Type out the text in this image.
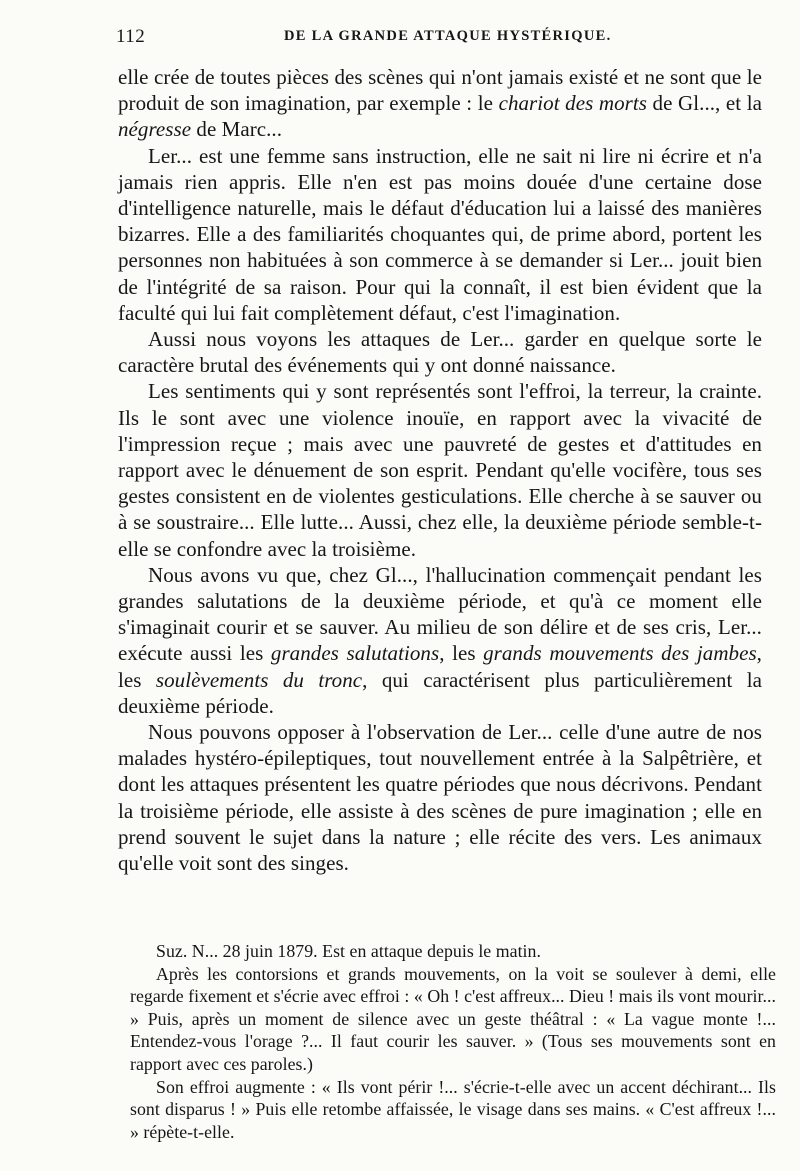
112	DE LA GRANDE ATTAQUE HYSTÉRIQUE.

elle crée de toutes pièces des scènes qui n'ont jamais existé et ne sont que le produit de son imagination, par exemple : le chariot des morts de Gl..., et la négresse de Marc...

Ler... est une femme sans instruction, elle ne sait ni lire ni écrire et n'a jamais rien appris. Elle n'en est pas moins douée d'une certaine dose d'intelligence naturelle, mais le défaut d'éducation lui a laissé des manières bizarres. Elle a des familiarités choquantes qui, de prime abord, portent les personnes non habituées à son commerce à se demander si Ler... jouit bien de l'intégrité de sa raison. Pour qui la connaît, il est bien évident que la faculté qui lui fait complètement défaut, c'est l'imagination.

Aussi nous voyons les attaques de Ler... garder en quelque sorte le caractère brutal des événements qui y ont donné naissance.

Les sentiments qui y sont représentés sont l'effroi, la terreur, la crainte. Ils le sont avec une violence inouïe, en rapport avec la vivacité de l'impression reçue ; mais avec une pauvreté de gestes et d'attitudes en rapport avec le dénuement de son esprit. Pendant qu'elle vocifère, tous ses gestes consistent en de violentes gesticulations. Elle cherche à se sauver ou à se soustraire... Elle lutte... Aussi, chez elle, la deuxième période semble-t-elle se confondre avec la troisième.

Nous avons vu que, chez Gl..., l'hallucination commençait pendant les grandes salutations de la deuxième période, et qu'à ce moment elle s'imaginait courir et se sauver. Au milieu de son délire et de ses cris, Ler... exécute aussi les grandes salutations, les grands mouvements des jambes, les soulèvements du tronc, qui caractérisent plus particulièrement la deuxième période.

Nous pouvons opposer à l'observation de Ler... celle d'une autre de nos malades hystéro-épileptiques, tout nouvellement entrée à la Salpêtrière, et dont les attaques présentent les quatre périodes que nous décrivons. Pendant la troisième période, elle assiste à des scènes de pure imagination ; elle en prend souvent le sujet dans la nature ; elle récite des vers. Les animaux qu'elle voit sont des singes.

Suz. N... 28 juin 1879. Est en attaque depuis le matin.

Après les contorsions et grands mouvements, on la voit se soulever à demi, elle regarde fixement et s'écrie avec effroi : « Oh ! c'est affreux... Dieu ! mais ils vont mourir... » Puis, après un moment de silence avec un geste théâtral : « La vague monte !... Entendez-vous l'orage ?... Il faut courir les sauver. » (Tous ses mouvements sont en rapport avec ces paroles.)

Son effroi augmente : « Ils vont périr !... s'écrie-t-elle avec un accent déchirant... Ils sont disparus ! » Puis elle retombe affaissée, le visage dans ses mains. « C'est affreux !... » répète-t-elle.
